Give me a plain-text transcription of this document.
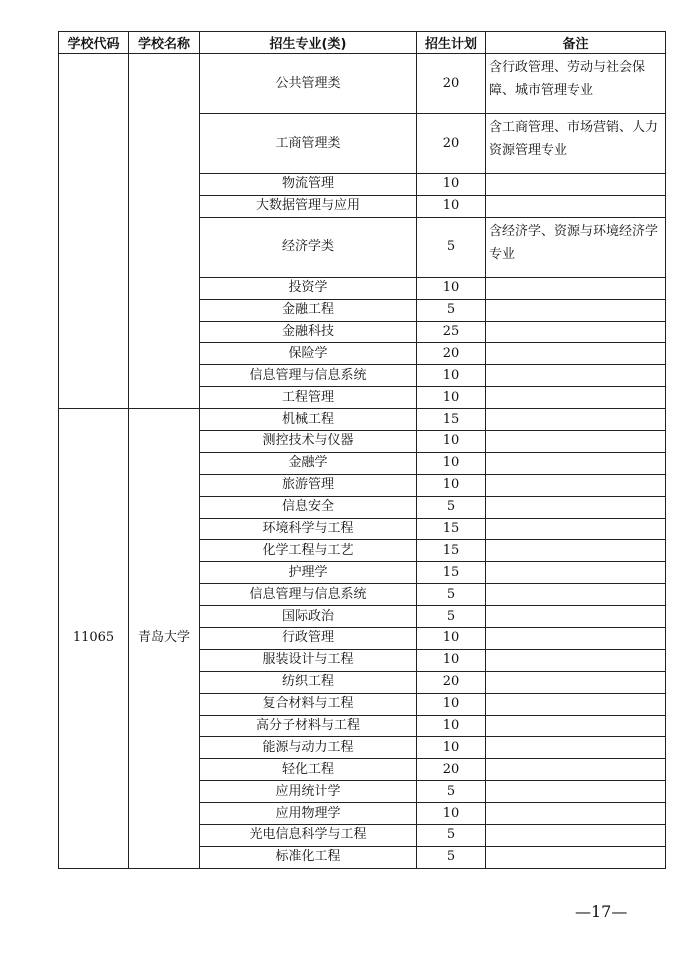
学校代码	学校名称	招生专业(类)	招生计划	备注
		公共管理类	20	含行政管理、劳动与社会保障、城市管理专业
		工商管理类	20	含工商管理、市场营销、人力资源管理专业
		物流管理	10	
		大数据管理与应用	10	
		经济学类	5	含经济学、资源与环境经济学专业
		投资学	10	
		金融工程	5	
		金融科技	25	
		保险学	20	
		信息管理与信息系统	10	
		工程管理	10	
11065	青岛大学	机械工程	15	
		测控技术与仪器	10	
		金融学	10	
		旅游管理	10	
		信息安全	5	
		环境科学与工程	15	
		化学工程与工艺	15	
		护理学	15	
		信息管理与信息系统	5	
		国际政治	5	
		行政管理	10	
		服装设计与工程	10	
		纺织工程	20	
		复合材料与工程	10	
		高分子材料与工程	10	
		能源与动力工程	10	
		轻化工程	20	
		应用统计学	5	
		应用物理学	10	
		光电信息科学与工程	5	
		标准化工程	5	
—17—
